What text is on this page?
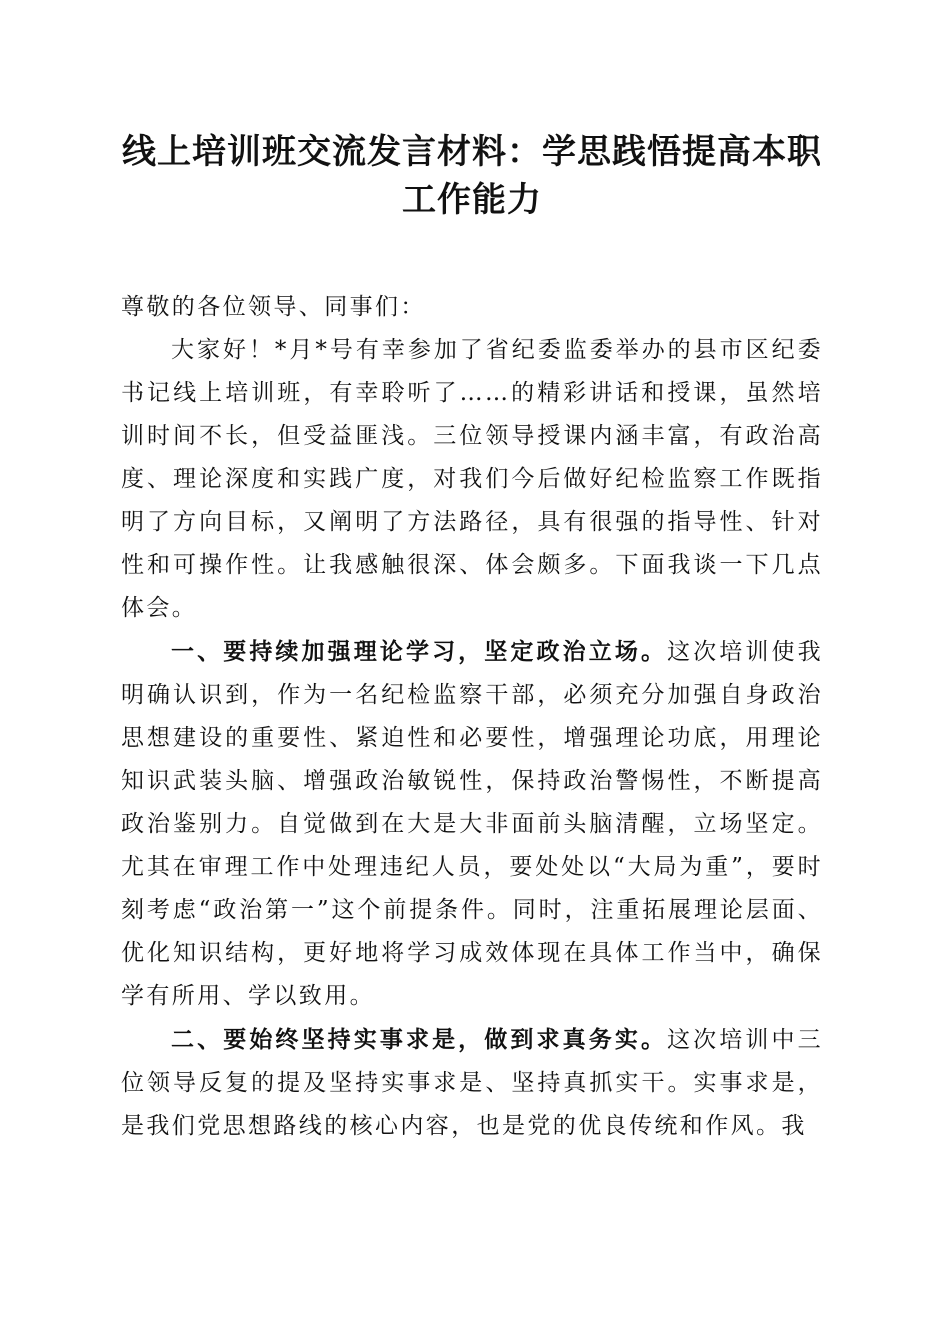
线上培训班交流发言材料：学思践悟提高本职工作能力

尊敬的各位领导、同事们：

大家好！*月*号有幸参加了省纪委监委举办的县市区纪委书记线上培训班，有幸聆听了……的精彩讲话和授课，虽然培训时间不长，但受益匪浅。三位领导授课内涵丰富，有政治高度、理论深度和实践广度，对我们今后做好纪检监察工作既指明了方向目标，又阐明了方法路径，具有很强的指导性、针对性和可操作性。让我感触很深、体会颇多。下面我谈一下几点体会。

一、要持续加强理论学习，坚定政治立场。这次培训使我明确认识到，作为一名纪检监察干部，必须充分加强自身政治思想建设的重要性、紧迫性和必要性，增强理论功底，用理论知识武装头脑、增强政治敏锐性，保持政治警惕性，不断提高政治鉴别力。自觉做到在大是大非面前头脑清醒，立场坚定。尤其在审理工作中处理违纪人员，要处处以“大局为重”，要时刻考虑“政治第一”这个前提条件。同时，注重拓展理论层面、优化知识结构，更好地将学习成效体现在具体工作当中，确保学有所用、学以致用。

二、要始终坚持实事求是，做到求真务实。这次培训中三位领导反复的提及坚持实事求是、坚持真抓实干。实事求是，是我们党思想路线的核心内容，也是党的优良传统和作风。我
